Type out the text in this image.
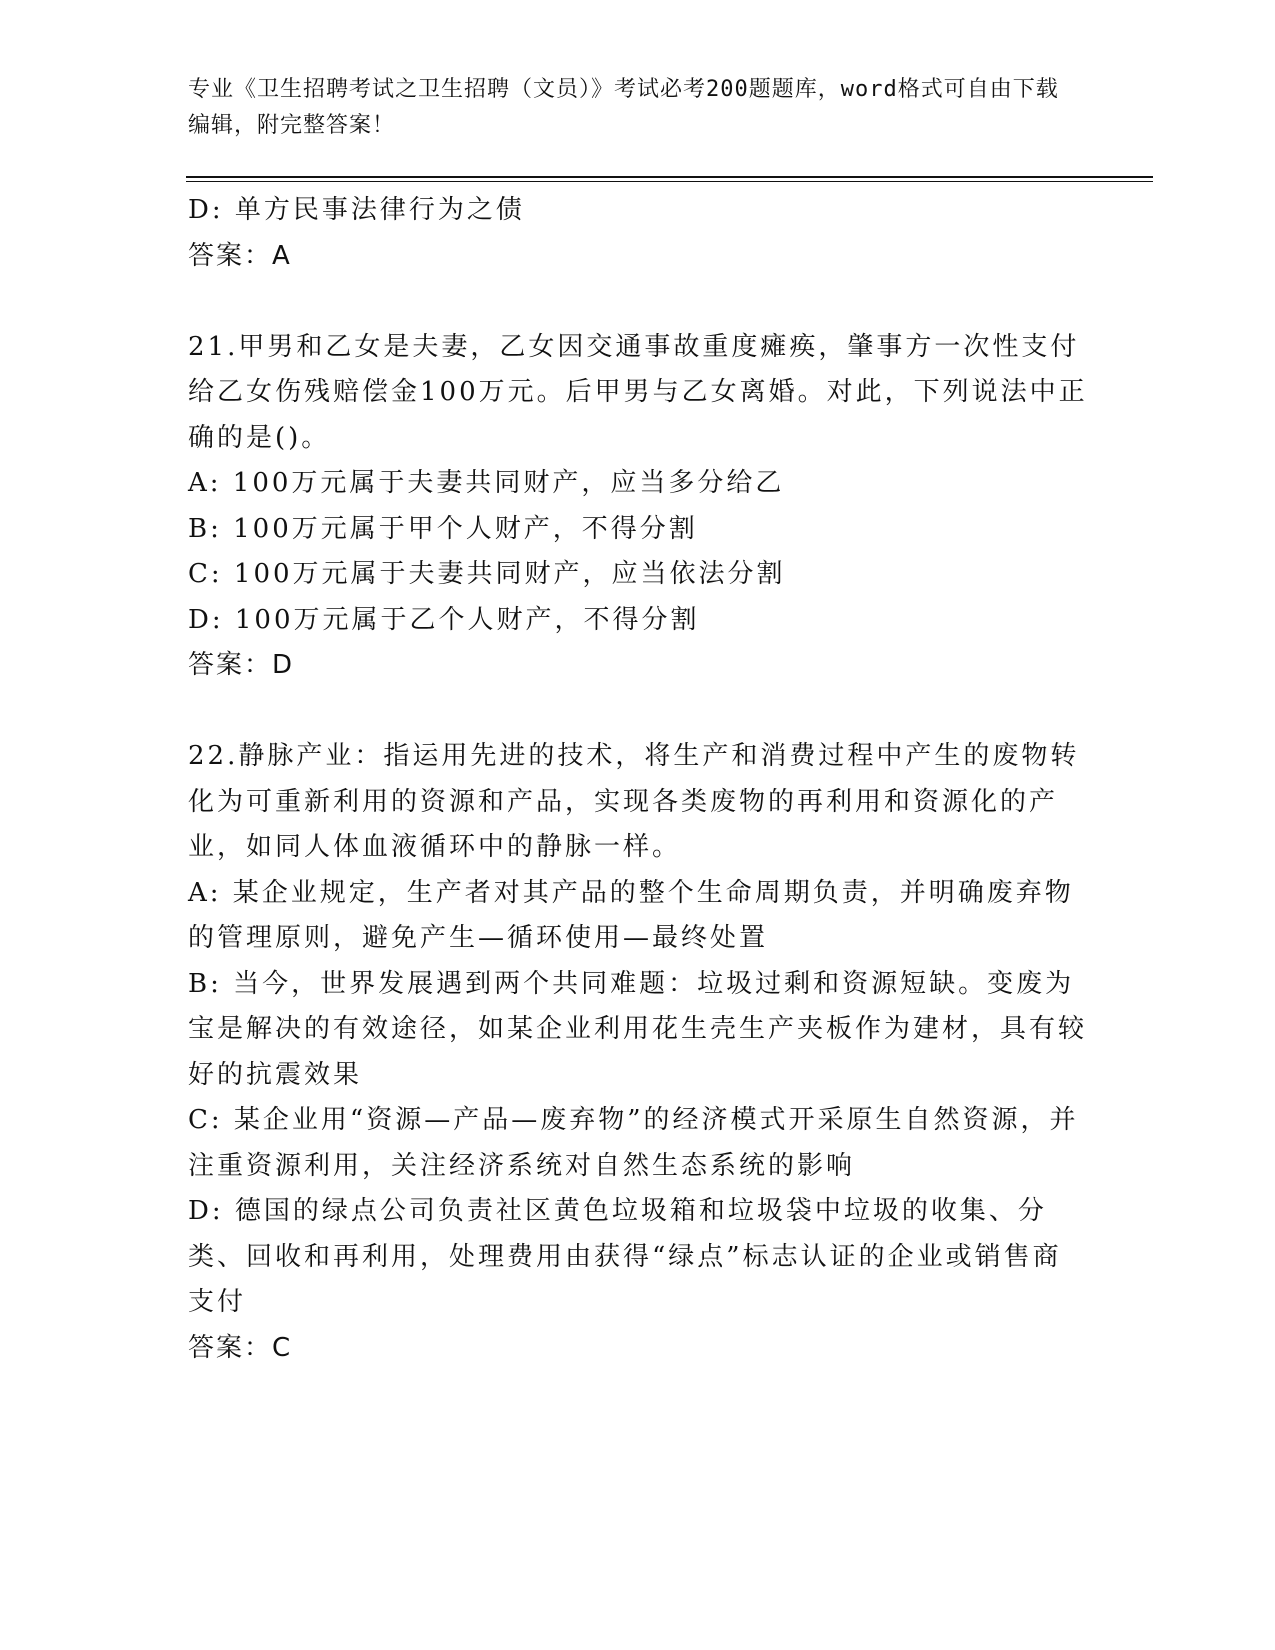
专业《卫生招聘考试之卫生招聘（文员）》考试必考200题题库，word格式可自由下载编辑，附完整答案！
D: 单方民事法律行为之债
答案：A
21.甲男和乙女是夫妻，乙女因交通事故重度瘫痪，肇事方一次性支付给乙女伤残赔偿金100万元。后甲男与乙女离婚。对此，下列说法中正确的是()。
A: 100万元属于夫妻共同财产，应当多分给乙
B: 100万元属于甲个人财产，不得分割
C: 100万元属于夫妻共同财产，应当依法分割
D: 100万元属于乙个人财产，不得分割
答案：D
22.静脉产业：指运用先进的技术，将生产和消费过程中产生的废物转化为可重新利用的资源和产品，实现各类废物的再利用和资源化的产业，如同人体血液循环中的静脉一样。
A: 某企业规定，生产者对其产品的整个生命周期负责，并明确废弃物的管理原则，避免产生—循环使用—最终处置
B: 当今，世界发展遇到两个共同难题：垃圾过剩和资源短缺。变废为宝是解决的有效途径，如某企业利用花生壳生产夹板作为建材，具有较好的抗震效果
C: 某企业用“资源—产品—废弃物”的经济模式开采原生自然资源，并注重资源利用，关注经济系统对自然生态系统的影响
D: 德国的绿点公司负责社区黄色垃圾箱和垃圾袋中垃圾的收集、分类、回收和再利用，处理费用由获得“绿点”标志认证的企业或销售商支付
答案：C
